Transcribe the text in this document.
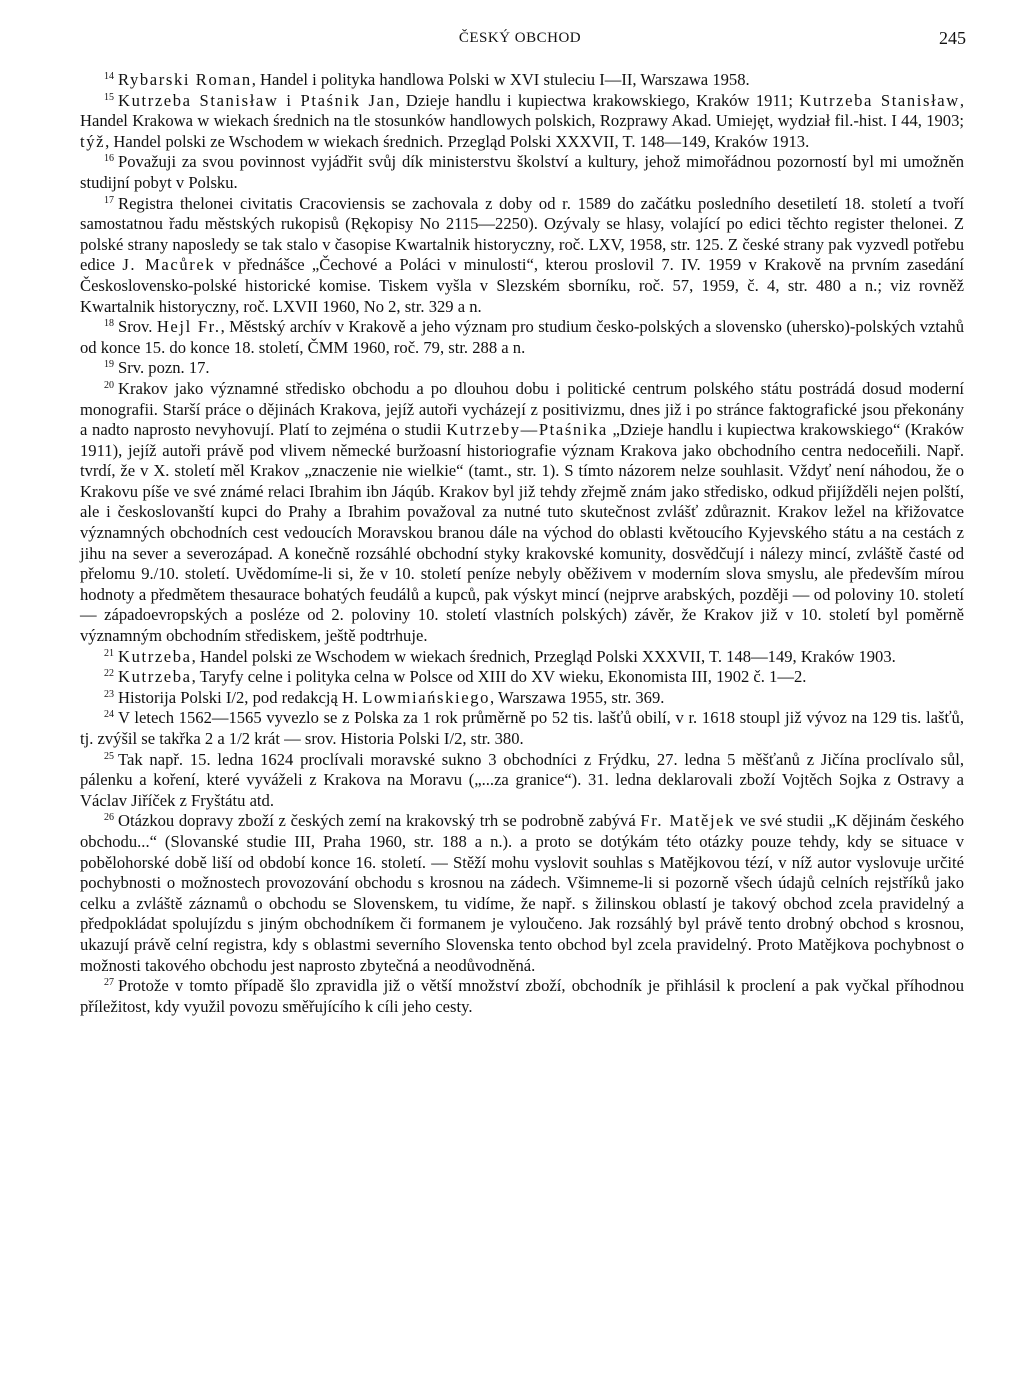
ČESKÝ OBCHOD	245

$^{14}$ Rybarski Roman, Handel i polityka handlowa Polski w XVI stuleciu I—II, Warszawa 1958.

$^{15}$ Kutrzeba Stanisław i Ptaśnik Jan, Dzieje handlu i kupiectwa krakowskiego, Kraków 1911; Kutrzeba Stanisław, Handel Krakowa w wiekach średnich na tle stosunków handlowych polskich, Rozprawy Akad. Umiejęt, wydział fil.-hist. I 44, 1903; týž, Handel polski ze Wschodem w wiekach średnich. Przegląd Polski XXXVII, T. 148—149, Kraków 1913.

$^{16}$ Považuji za svou povinnost vyjádřit svůj dík ministerstvu školství a kultury, jehož mimořádnou pozorností byl mi umožněn studijní pobyt v Polsku.

$^{17}$ Registra thelonei civitatis Cracoviensis se zachovala z doby od r. 1589 do začátku posledního desetiletí 18. století a tvoří samostatnou řadu městských rukopisů (Rękopisy No 2115—2250). Ozývaly se hlasy, volající po edici těchto register thelonei. Z polské strany naposledy se tak stalo v časopise Kwartalnik historyczny, roč. LXV, 1958, str. 125. Z české strany pak vyzvedl potřebu edice J. Macůrek v přednášce „Čechové a Poláci v minulosti“, kterou proslovil 7. IV. 1959 v Krakově na prvním zasedání Československo-polské historické komise. Tiskem vyšla v Slezském sborníku, roč. 57, 1959, č. 4, str. 480 a n.; viz rovněž Kwartalnik historyczny, roč. LXVII 1960, No 2, str. 329 a n.

$^{18}$ Srov. Hejl Fr., Městský archív v Krakově a jeho význam pro studium česko-polských a slovensko (uhersko)-polských vztahů od konce 15. do konce 18. století, ČMM 1960, roč. 79, str. 288 a n.

$^{19}$ Srv. pozn. 17.

$^{20}$ Krakov jako významné středisko obchodu a po dlouhou dobu i politické centrum polského státu postrádá dosud moderní monografii. Starší práce o dějinách Krakova, jejíž autoři vycházejí z positivizmu, dnes již i po stránce faktografické jsou překonány a nadto naprosto nevyhovují. Platí to zejména o studii Kutrzeby—Ptaśnika „Dzieje handlu i kupiectwa krakowskiego“ (Kraków 1911), jejíž autoři právě pod vlivem německé buržoasní historiografie význam Krakova jako obchodního centra nedoceňili. Např. tvrdí, že v X. století měl Krakov „znaczenie nie wielkie“ (tamt., str. 1). S tímto názorem nelze souhlasit. Vždyť není náhodou, že o Krakovu píše ve své známé relaci Ibrahim ibn Jáqúb. Krakov byl již tehdy zřejmě znám jako středisko, odkud přijížděli nejen polští, ale i českoslovanští kupci do Prahy a Ibrahim považoval za nutné tuto skutečnost zvlášť zdůraznit. Krakov ležel na křižovatce významných obchodních cest vedoucích Moravskou branou dále na východ do oblasti květoucího Kyjevského státu a na cestách z jihu na sever a severozápad. A konečně rozsáhlé obchodní styky krakovské komunity, dosvědčují i nálezy mincí, zvláště časté od přelomu 9./10. století. Uvědomíme-li si, že v 10. století peníze nebyly oběživem v moderním slova smyslu, ale především mírou hodnoty a předmětem thesaurace bohatých feudálů a kupců, pak výskyt mincí (nejprve arabských, později — od poloviny 10. století — západoevropských a posléze od 2. poloviny 10. století vlastních polských) závěr, že Krakov již v 10. století byl poměrně významným obchodním střediskem, ještě podtrhuje.

$^{21}$ Kutrzeba, Handel polski ze Wschodem w wiekach średnich, Przegląd Polski XXXVII, T. 148—149, Kraków 1903.

$^{22}$ Kutrzeba, Taryfy celne i polityka celna w Polsce od XIII do XV wieku, Ekonomista III, 1902 č. 1—2.

$^{23}$ Historija Polski I/2, pod redakcją H. Lowmiańskiego, Warszawa 1955, str. 369.

$^{24}$ V letech 1562—1565 vyvezlo se z Polska za 1 rok průměrně po 52 tis. lašťů obilí, v r. 1618 stoupl již vývoz na 129 tis. lašťů, tj. zvýšil se takřka 2 a 1/2 krát — srov. Historia Polski I/2, str. 380.

$^{25}$ Tak např. 15. ledna 1624 proclívali moravské sukno 3 obchodníci z Frýdku, 27. ledna 5 měšťanů z Jičína proclívalo sůl, pálenku a koření, které vyváželi z Krakova na Moravu („...za granice“). 31. ledna deklarovali zboží Vojtěch Sojka z Ostravy a Václav Jiříček z Fryštátu atd.

$^{26}$ Otázkou dopravy zboží z českých zemí na krakovský trh se podrobně zabývá Fr. Matějek ve své studii „K dějinám českého obchodu...“ (Slovanské studie III, Praha 1960, str. 188 a n.). a proto se dotýkám této otázky pouze tehdy, kdy se situace v pobělohorské době liší od období konce 16. století. — Stěží mohu vyslovit souhlas s Matějkovou tézí, v níž autor vyslovuje určité pochybnosti o možnostech provozování obchodu s krosnou na zádech. Všimneme-li si pozorně všech údajů celních rejstříků jako celku a zvláště záznamů o obchodu se Slovenskem, tu vidíme, že např. s žilinskou oblastí je takový obchod zcela pravidelný a předpokládat spolujízdu s jiným obchodníkem či formanem je vyloučeno. Jak rozsáhlý byl právě tento drobný obchod s krosnou, ukazují právě celní registra, kdy s oblastmi severního Slovenska tento obchod byl zcela pravidelný. Proto Matějkova pochybnost o možnosti takového obchodu jest naprosto zbytečná a neodůvodněná.

$^{27}$ Protože v tomto případě šlo zpravidla již o větší množství zboží, obchodník je přihlásil k proclení a pak vyčkal příhodnou příležitost, kdy využil povozu směřujícího k cíli jeho cesty.
